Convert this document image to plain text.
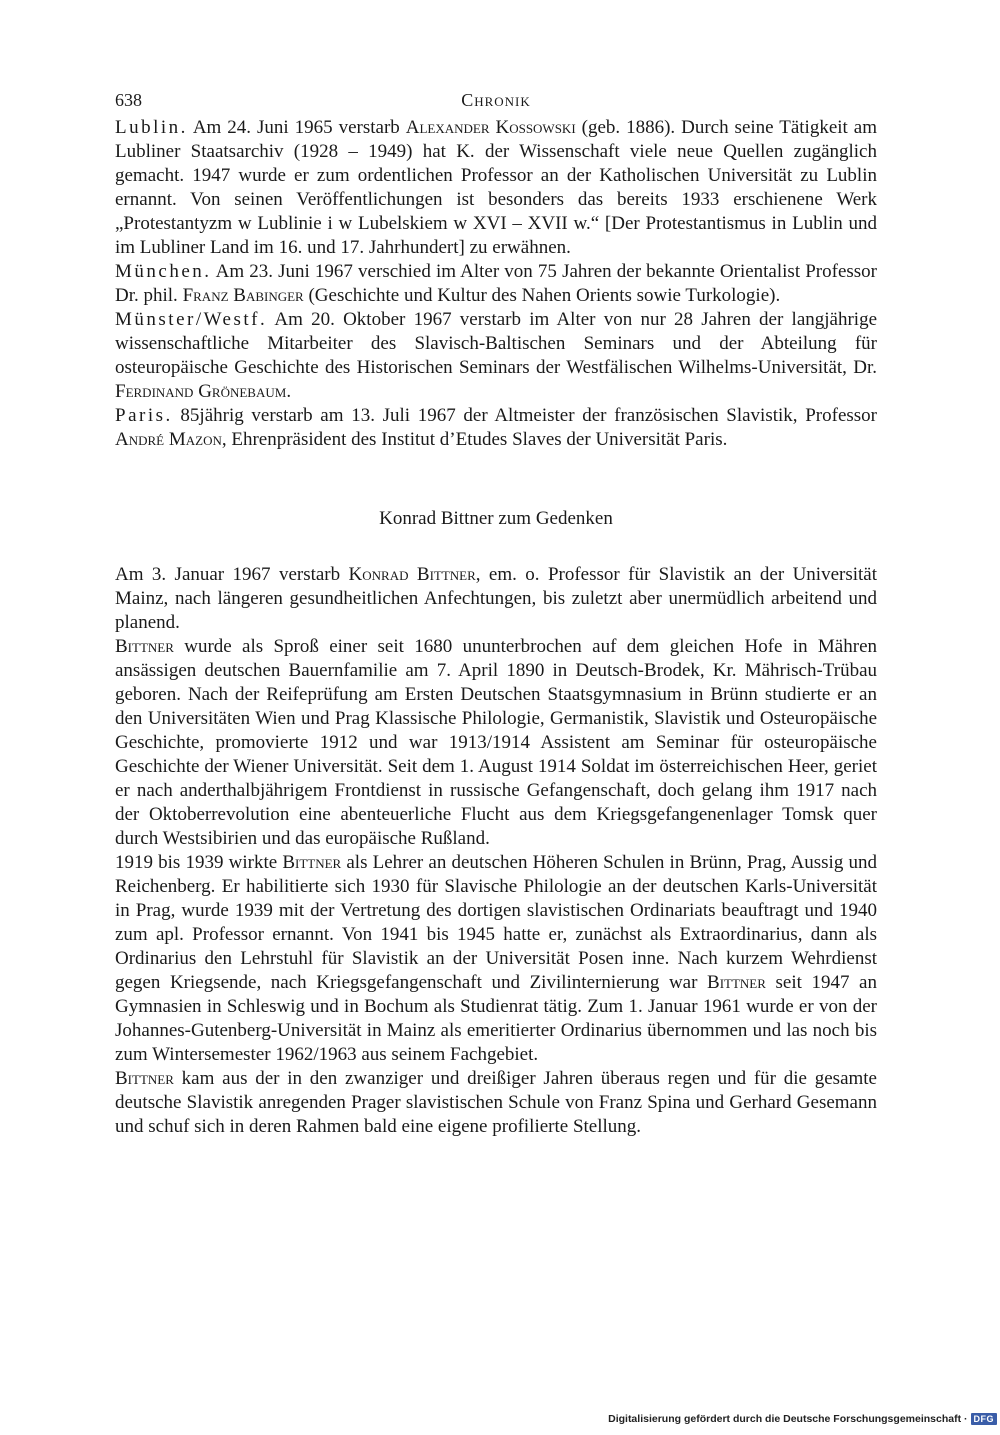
638	Chronik

Lublin. Am 24. Juni 1965 verstarb Alexander Kossowski (geb. 1886). Durch seine Tätigkeit am Lubliner Staatsarchiv (1928 – 1949) hat K. der Wissenschaft viele neue Quellen zugänglich gemacht. 1947 wurde er zum ordentlichen Professor an der Katholischen Universität zu Lublin ernannt. Von seinen Veröffentlichungen ist besonders das bereits 1933 erschienene Werk „Protestantyzm w Lublinie i w Lubelskiem w XVI – XVII w.“ [Der Protestantismus in Lublin und im Lubliner Land im 16. und 17. Jahrhundert] zu erwähnen.

München. Am 23. Juni 1967 verschied im Alter von 75 Jahren der bekannte Orientalist Professor Dr. phil. Franz Babinger (Geschichte und Kultur des Nahen Orients sowie Turkologie).

Münster/Westf. Am 20. Oktober 1967 verstarb im Alter von nur 28 Jahren der langjährige wissenschaftliche Mitarbeiter des Slavisch-Baltischen Seminars und der Abteilung für osteuropäische Geschichte des Historischen Seminars der Westfälischen Wilhelms-Universität, Dr. Ferdinand Grönebaum.

Paris. 85jährig verstarb am 13. Juli 1967 der Altmeister der französischen Slavistik, Professor André Mazon, Ehrenpräsident des Institut d’Etudes Slaves der Universität Paris.

Konrad Bittner zum Gedenken

Am 3. Januar 1967 verstarb Konrad Bittner, em. o. Professor für Slavistik an der Universität Mainz, nach längeren gesundheitlichen Anfechtungen, bis zuletzt aber unermüdlich arbeitend und planend.

Bittner wurde als Sproß einer seit 1680 ununterbrochen auf dem gleichen Hofe in Mähren ansässigen deutschen Bauernfamilie am 7. April 1890 in Deutsch-Brodek, Kr. Mährisch-Trübau geboren. Nach der Reifeprüfung am Ersten Deutschen Staatsgymnasium in Brünn studierte er an den Universitäten Wien und Prag Klassische Philologie, Germanistik, Slavistik und Osteuropäische Geschichte, promovierte 1912 und war 1913/1914 Assistent am Seminar für osteuropäische Geschichte der Wiener Universität. Seit dem 1. August 1914 Soldat im österreichischen Heer, geriet er nach anderthalbjährigem Frontdienst in russische Gefangenschaft, doch gelang ihm 1917 nach der Oktoberrevolution eine abenteuerliche Flucht aus dem Kriegsgefangenenlager Tomsk quer durch Westsibirien und das europäische Rußland.

1919 bis 1939 wirkte Bittner als Lehrer an deutschen Höheren Schulen in Brünn, Prag, Aussig und Reichenberg. Er habilitierte sich 1930 für Slavische Philologie an der deutschen Karls-Universität in Prag, wurde 1939 mit der Vertretung des dortigen slavistischen Ordinariats beauftragt und 1940 zum apl. Professor ernannt. Von 1941 bis 1945 hatte er, zunächst als Extraordinarius, dann als Ordinarius den Lehrstuhl für Slavistik an der Universität Posen inne. Nach kurzem Wehrdienst gegen Kriegsende, nach Kriegsgefangenschaft und Zivilinternierung war Bittner seit 1947 an Gymnasien in Schleswig und in Bochum als Studienrat tätig. Zum 1. Januar 1961 wurde er von der Johannes-Gutenberg-Universität in Mainz als emeritierter Ordinarius übernommen und las noch bis zum Wintersemester 1962/1963 aus seinem Fachgebiet.

Bittner kam aus der in den zwanziger und dreißiger Jahren überaus regen und für die gesamte deutsche Slavistik anregenden Prager slavistischen Schule von Franz Spina und Gerhard Gesemann und schuf sich in deren Rahmen bald eine eigene profilierte Stellung.

Digitalisierung gefördert durch die Deutsche Forschungsgemeinschaft · DFG
